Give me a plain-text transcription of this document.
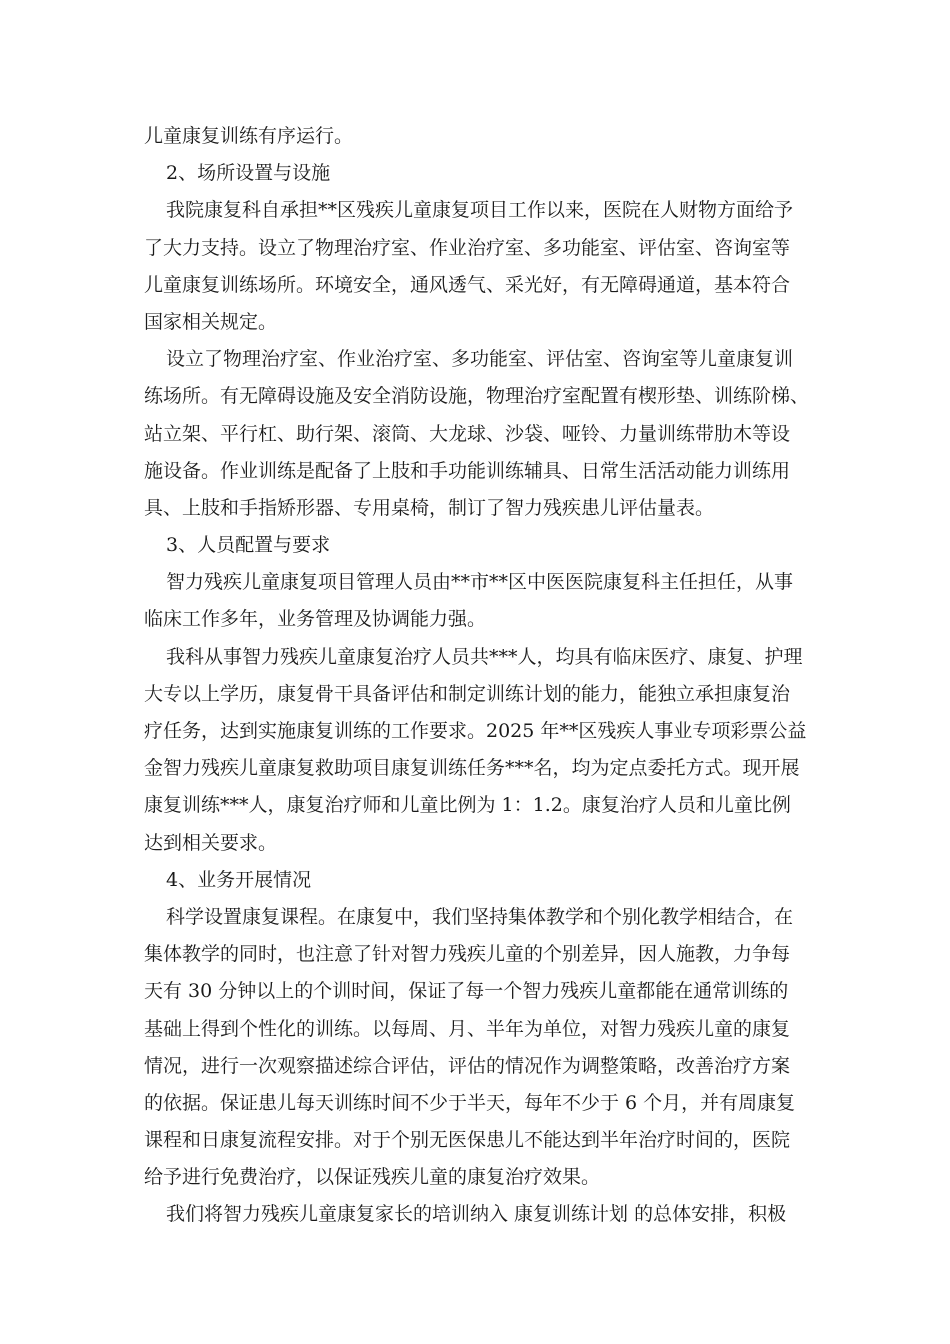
儿童康复训练有序运行。
2、场所设置与设施
我院康复科自承担**区残疾儿童康复项目工作以来，医院在人财物方面给予
了大力支持。设立了物理治疗室、作业治疗室、多功能室、评估室、咨询室等
儿童康复训练场所。环境安全，通风透气、采光好，有无障碍通道，基本符合
国家相关规定。
设立了物理治疗室、作业治疗室、多功能室、评估室、咨询室等儿童康复训
练场所。有无障碍设施及安全消防设施，物理治疗室配置有楔形垫、训练阶梯、
站立架、平行杠、助行架、滚筒、大龙球、沙袋、哑铃、力量训练带肋木等设
施设备。作业训练是配备了上肢和手功能训练辅具、日常生活活动能力训练用
具、上肢和手指矫形器、专用桌椅，制订了智力残疾患儿评估量表。
3、人员配置与要求
智力残疾儿童康复项目管理人员由**市**区中医医院康复科主任担任，从事
临床工作多年，业务管理及协调能力强。
我科从事智力残疾儿童康复治疗人员共***人，均具有临床医疗、康复、护理
大专以上学历，康复骨干具备评估和制定训练计划的能力，能独立承担康复治
疗任务，达到实施康复训练的工作要求。2025 年**区残疾人事业专项彩票公益
金智力残疾儿童康复救助项目康复训练任务***名，均为定点委托方式。现开展
康复训练***人，康复治疗师和儿童比例为 1：1.2。康复治疗人员和儿童比例
达到相关要求。
4、业务开展情况
科学设置康复课程。在康复中，我们坚持集体教学和个别化教学相结合，在
集体教学的同时，也注意了针对智力残疾儿童的个别差异，因人施教，力争每
天有 30 分钟以上的个训时间，保证了每一个智力残疾儿童都能在通常训练的
基础上得到个性化的训练。以每周、月、半年为单位，对智力残疾儿童的康复
情况，进行一次观察描述综合评估，评估的情况作为调整策略，改善治疗方案
的依据。保证患儿每天训练时间不少于半天，每年不少于 6 个月，并有周康复
课程和日康复流程安排。对于个别无医保患儿不能达到半年治疗时间的，医院
给予进行免费治疗，以保证残疾儿童的康复治疗效果。
我们将智力残疾儿童康复家长的培训纳入 康复训练计划 的总体安排，积极
